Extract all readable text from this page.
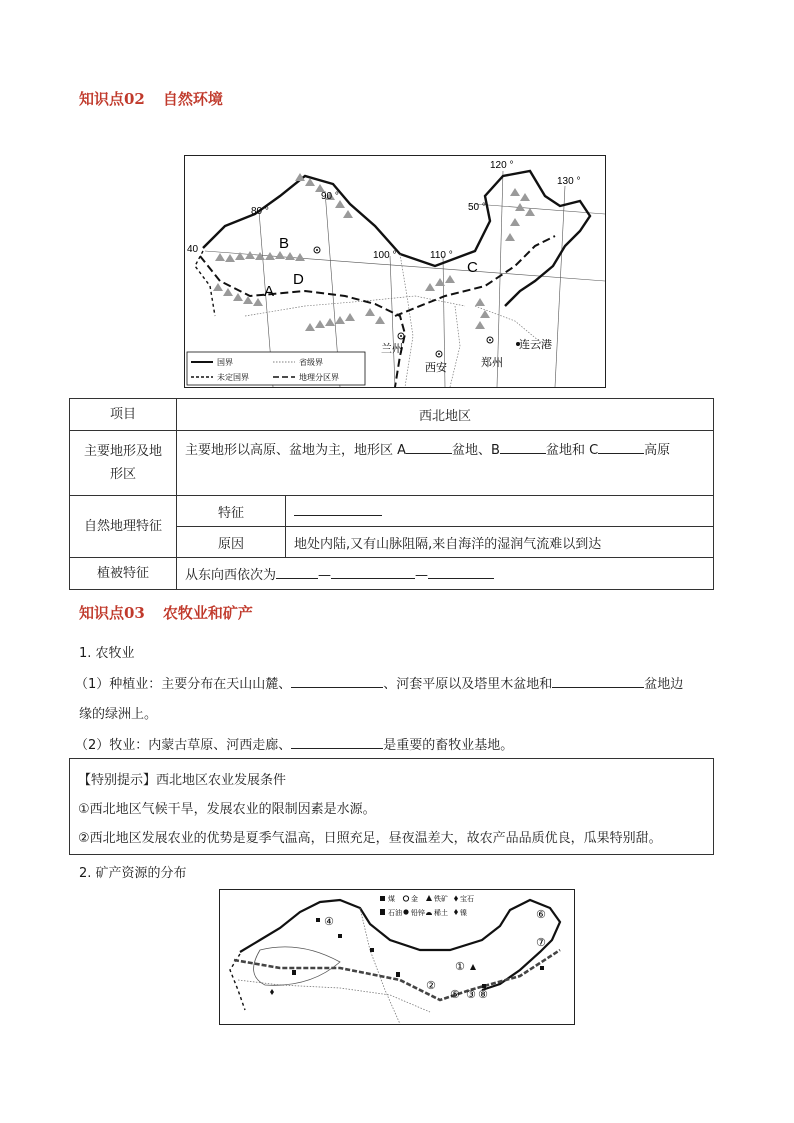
知识点02 自然环境
80 °
90 °
100 °	110 °
120 °
130 °
40
50 °
A
B
C
D
兰州
西安	郑州
连云港
国界	省级界
未定国界	地理分区界
项目	西北地区	
主要地形及地形区	主要地形以高原、盆地为主，地形区 A 盆地、B 盆地和 C 高原	
自然地理特征	特征	
	原因	地处内陆,又有山脉阻隔,来自海洋的湿润气流难以到达
植被特征	从东向西依次为 — —	
知识点03 农牧业和矿产
1. 农牧业
（1）种植业：主要分布在天山山麓、	、河套平原以及塔里木盆地和	盆地边
缘的绿洲上。
（2）牧业：内蒙古草原、河西走廊、	是重要的畜牧业基地。
【特别提示】西北地区农业发展条件
①西北地区气候干旱，发展农业的限制因素是水源。
②西北地区发展农业的优势是夏季气温高，日照充足，昼夜温差大，故农产品品质优良，瓜果特别甜。
2. 矿产资源的分布
煤 金 铁矿 宝石
石油 铅锌 稀土 镍
①
②
③
④
⑤
⑥
⑦
⑧
